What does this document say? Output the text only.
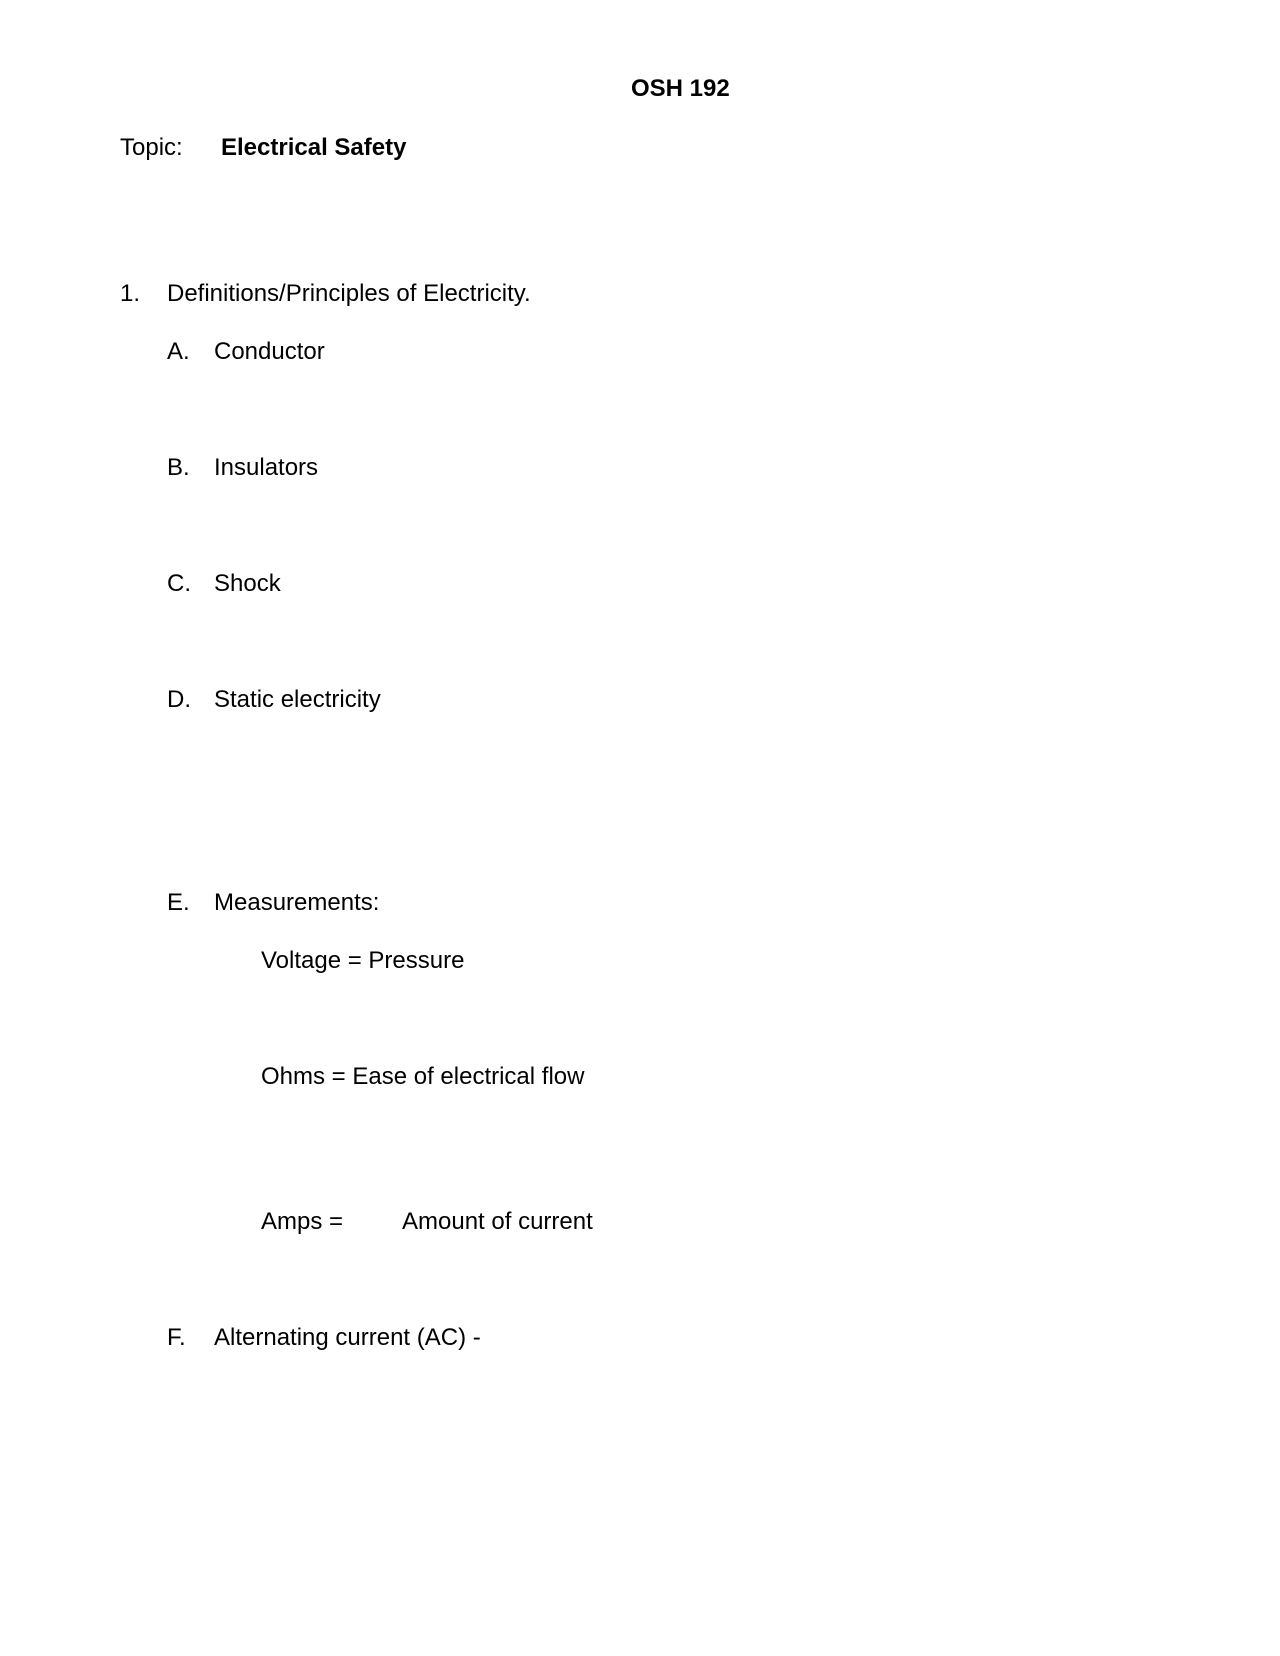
OSH 192
Topic: Electrical Safety
1. Definitions/Principles of Electricity.
A. Conductor
B. Insulators
C. Shock
D. Static electricity
E. Measurements:
Voltage = Pressure
Ohms = Ease of electrical flow
Amps = Amount of current
F. Alternating current (AC) -
